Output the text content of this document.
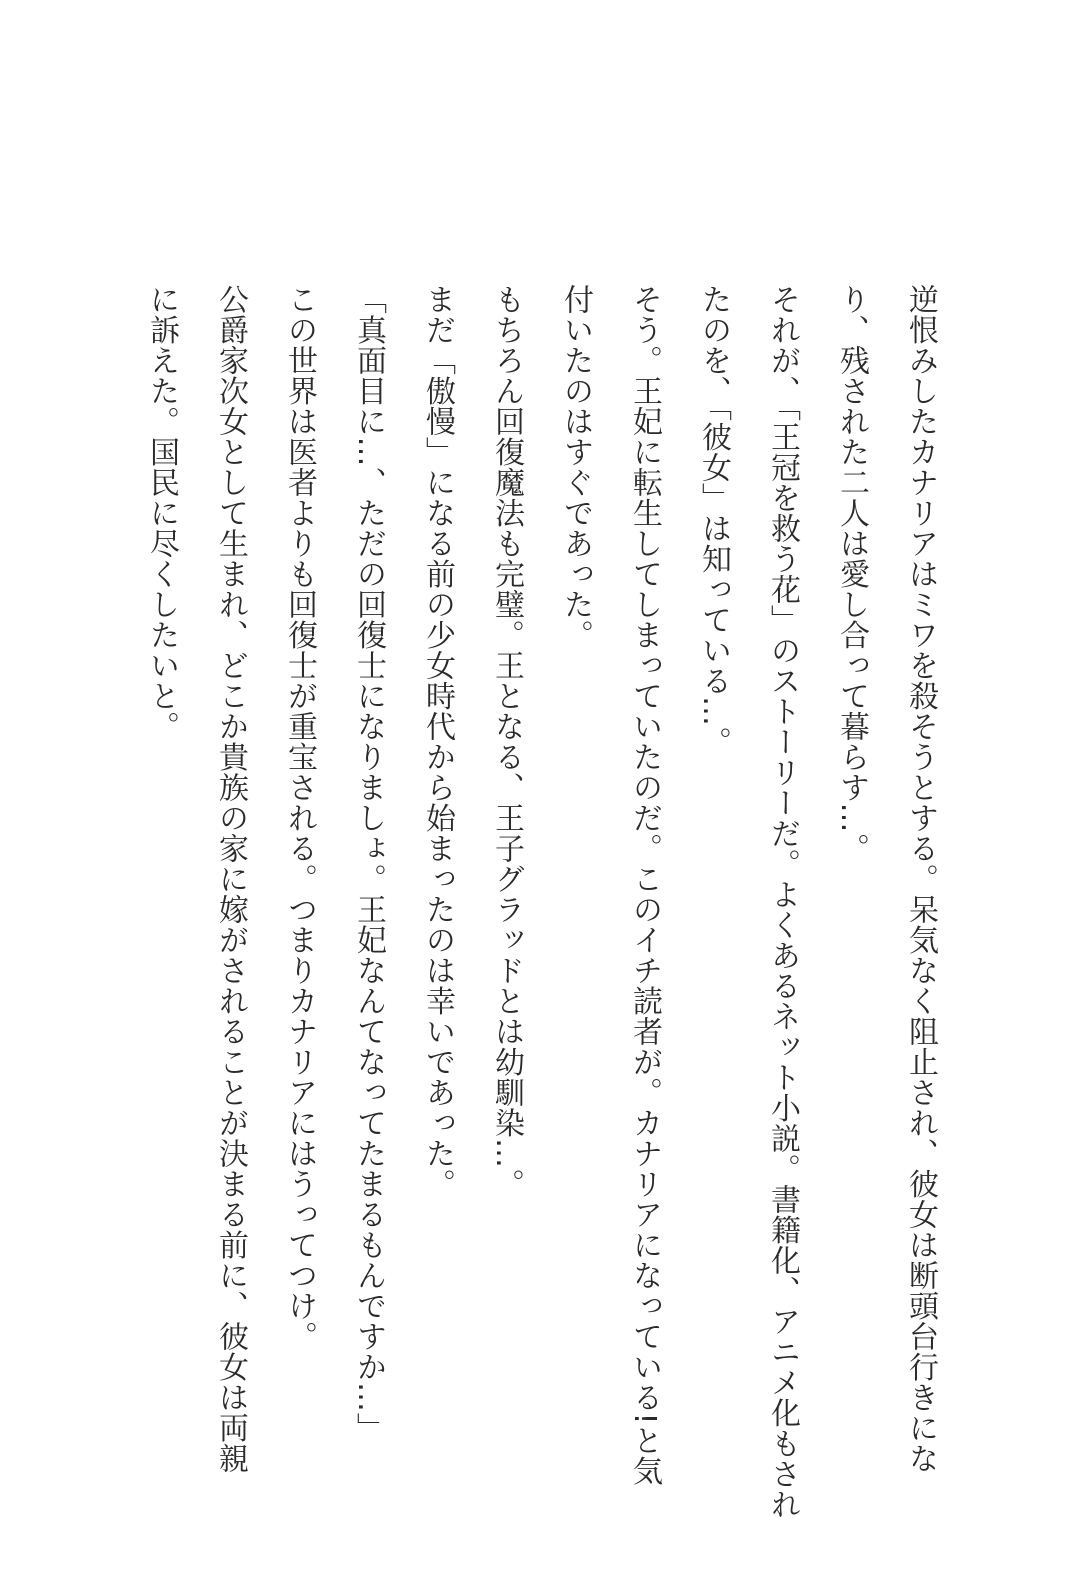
逆恨みしたカナリアはミワを殺そうとする。呆気なく阻止され、彼女は断頭台行きにな

り、残された二人は愛し合って暮らす…。

それが、「王冠を救う花」のストーリーだ。よくあるネット小説。書籍化、アニメ化もされ

たのを、「彼女」は知っている…。

そう。王妃に転生してしまっていたのだ。このイチ読者が。カナリアになっている!と気

付いたのはすぐであった。

もちろん回復魔法も完璧。王となる、王子グラッドとは幼馴染…。

まだ「傲慢」になる前の少女時代から始まったのは幸いであった。

「真面目に…、ただの回復士になりましょ。王妃なんてなってたまるもんですか…」

この世界は医者よりも回復士が重宝される。つまりカナリアにはうってつけ。

公爵家次女として生まれ、どこか貴族の家に嫁がされることが決まる前に、彼女は両親

に訴えた。国民に尽くしたいと。
